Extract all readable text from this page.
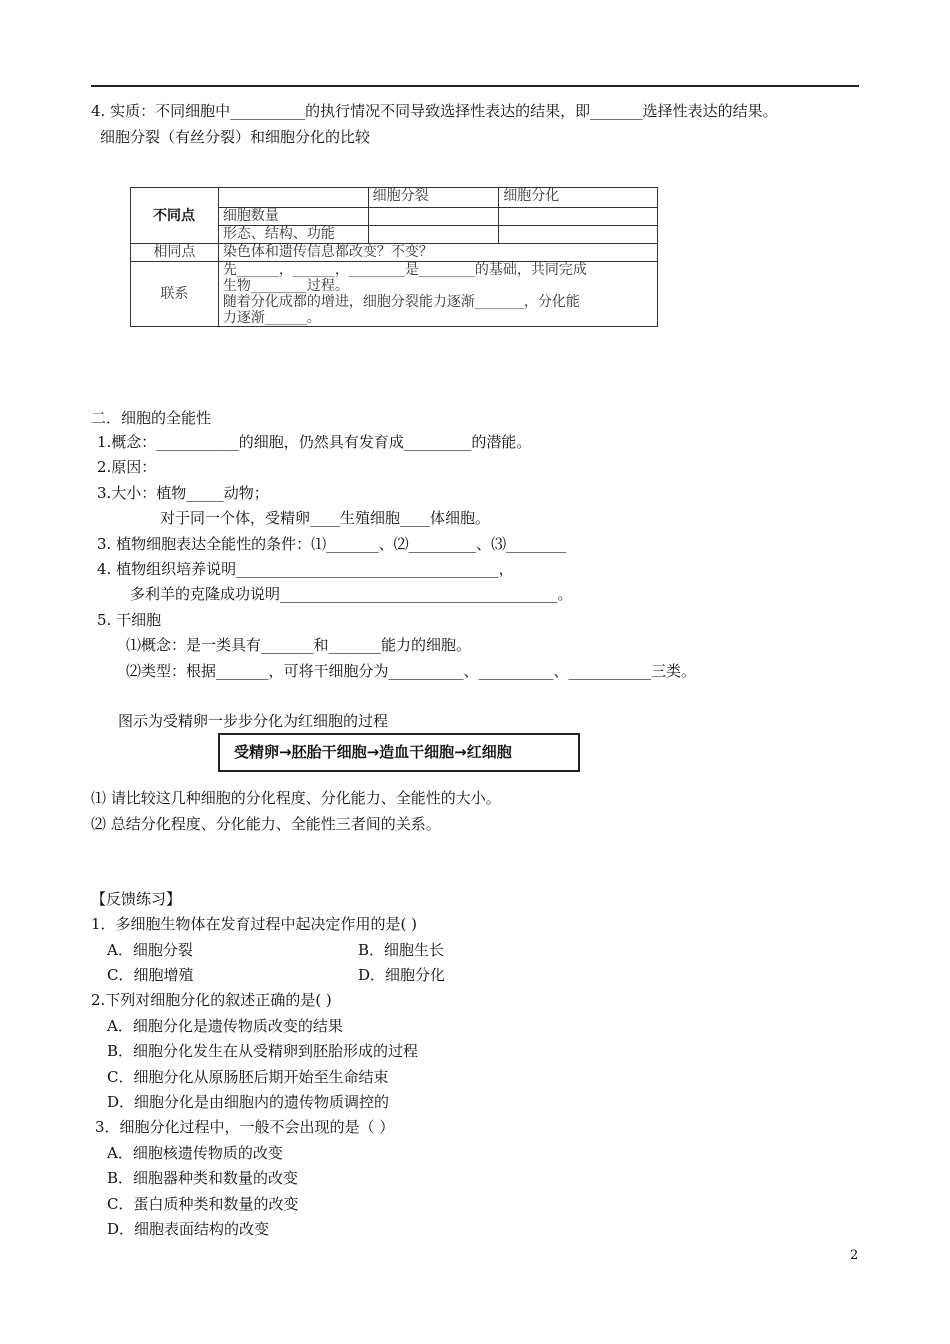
4. 实质：不同细胞中__________的执行情况不同导致选择性表达的结果，即_______选择性表达的结果。
细胞分裂（有丝分裂）和细胞分化的比较
不同点		细胞分裂	细胞分化
	细胞数量		
	形态、结构、功能		
相同点	染色体和遗传信息都改变？不变？		
联系	先______，______，________是________的基础，共同完成
生物________过程。
随着分化成都的增进，细胞分裂能力逐渐_______，分化能
力逐渐______。		
二．细胞的全能性
1.概念：___________的细胞，仍然具有发育成_________的潜能。
2.原因：
3.大小：植物_____动物；
对于同一个体，受精卵____生殖细胞____体细胞。
3. 植物细胞表达全能性的条件：⑴_______、⑵_________、⑶________
4. 植物组织培养说明___________________________________，
多利羊的克隆成功说明_____________________________________。
5. 干细胞
⑴概念：是一类具有_______和_______能力的细胞。
⑵类型：根据_______，可将干细胞分为__________、__________、___________三类。
图示为受精卵一步步分化为红细胞的过程
受精卵→胚胎干细胞→造血干细胞→红细胞
⑴ 请比较这几种细胞的分化程度、分化能力、全能性的大小。
⑵ 总结分化程度、分化能力、全能性三者间的关系。
【反馈练习】
1．多细胞生物体在发育过程中起决定作用的是( )
A．细胞分裂	B．细胞生长
C．细胞增殖	D．细胞分化
2.下列对细胞分化的叙述正确的是( )
A．细胞分化是遗传物质改变的结果
B．细胞分化发生在从受精卵到胚胎形成的过程
C．细胞分化从原肠胚后期开始至生命结束
D．细胞分化是由细胞内的遗传物质调控的
3．细胞分化过程中，一般不会出现的是（ ）
A．细胞核遗传物质的改变
B．细胞器种类和数量的改变
C．蛋白质种类和数量的改变
D．细胞表面结构的改变
2
